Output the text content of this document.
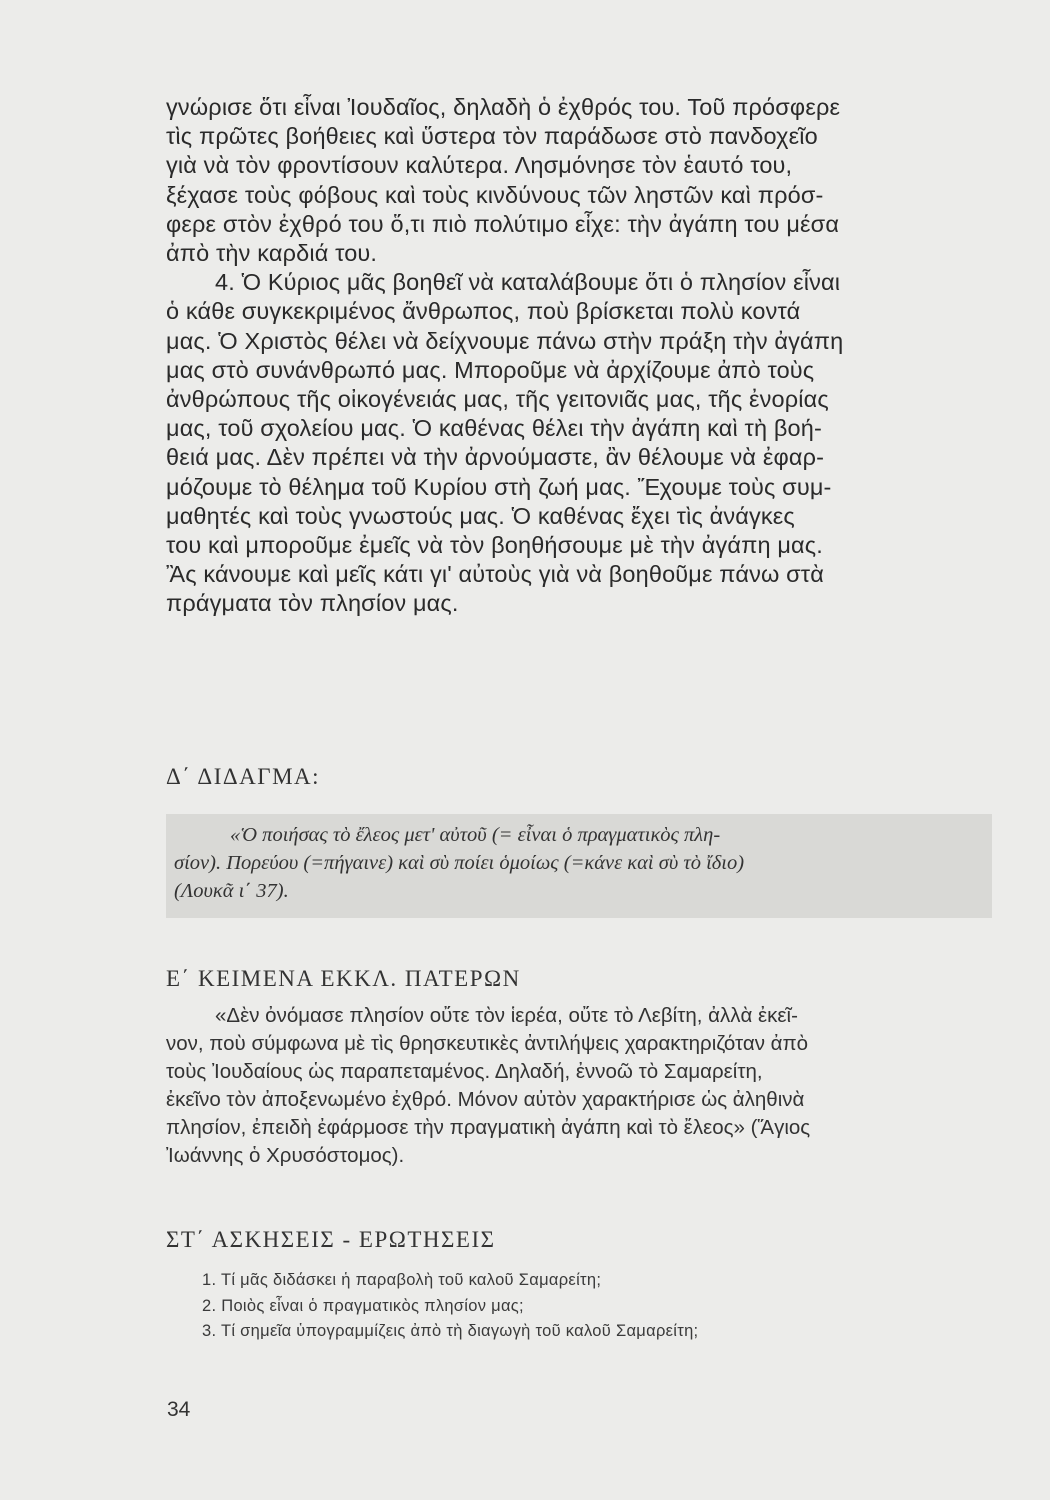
γνώρισε ὅτι εἶναι Ἰουδαῖος, δηλαδὴ ὁ ἐχθρός του. Τοῦ πρόσφερε
τὶς πρῶτες βοήθειες καὶ ὕστερα τὸν παράδωσε στὸ πανδοχεῖο
γιὰ νὰ τὸν φροντίσουν καλύτερα. Λησμόνησε τὸν ἑαυτό του,
ξέχασε τοὺς φόβους καὶ τοὺς κινδύνους τῶν ληστῶν καὶ πρόσ-
φερε στὸν ἐχθρό του ὅ,τι πιὸ πολύτιμο εἶχε: τὴν ἀγάπη του μέσα
ἀπὸ τὴν καρδιά του.
4. Ὁ Κύριος μᾶς βοηθεῖ νὰ καταλάβουμε ὅτι ὁ πλησίον εἶναι
ὁ κάθε συγκεκριμένος ἄνθρωπος, ποὺ βρίσκεται πολὺ κοντά
μας. Ὁ Χριστὸς θέλει νὰ δείχνουμε πάνω στὴν πράξη τὴν ἀγάπη
μας στὸ συνάνθρωπό μας. Μποροῦμε νὰ ἀρχίζουμε ἀπὸ τοὺς
ἀνθρώπους τῆς οἰκογένειάς μας, τῆς γειτονιᾶς μας, τῆς ἐνορίας
μας, τοῦ σχολείου μας. Ὁ καθένας θέλει τὴν ἀγάπη καὶ τὴ βοή-
θειά μας. Δὲν πρέπει νὰ τὴν ἀρνούμαστε, ἂν θέλουμε νὰ ἐφαρ-
μόζουμε τὸ θέλημα τοῦ Κυρίου στὴ ζωή μας. Ἔχουμε τοὺς συμ-
μαθητές καὶ τοὺς γνωστούς μας. Ὁ καθένας ἔχει τὶς ἀνάγκες
του καὶ μποροῦμε ἐμεῖς νὰ τὸν βοηθήσουμε μὲ τὴν ἀγάπη μας.
Ἂς κάνουμε καὶ μεῖς κάτι γι' αὐτοὺς γιὰ νὰ βοηθοῦμε πάνω στὰ
πράγματα τὸν πλησίον μας.

Δ΄ ΔΙΔΑΓΜΑ:

«Ὁ ποιήσας τὸ ἔλεος μετ' αὐτοῦ (= εἶναι ὁ πραγματικὸς πλη-
σίον). Πορεύου (=πήγαινε) καὶ σὺ ποίει ὁμοίως (=κάνε καὶ σὺ τὸ ἴδιο)
(Λουκᾶ ι΄ 37).

Ε΄ ΚΕΙΜΕΝΑ ΕΚΚΛ. ΠΑΤΕΡΩΝ

«Δὲν ὀνόμασε πλησίον οὔτε τὸν ἱερέα, οὔτε τὸ Λεβίτη, ἀλλὰ ἐκεῖ-
νον, ποὺ σύμφωνα μὲ τὶς θρησκευτικὲς ἀντιλήψεις χαρακτηριζόταν ἀπὸ
τοὺς Ἰουδαίους ὡς παραπεταμένος. Δηλαδή, ἐννοῶ τὸ Σαμαρείτη,
ἐκεῖνο τὸν ἀποξενωμένο ἐχθρό. Μόνον αὐτὸν χαρακτήρισε ὡς ἀληθινὰ
πλησίον, ἐπειδὴ ἐφάρμοσε τὴν πραγματικὴ ἀγάπη καὶ τὸ ἔλεος» (Ἅγιος
Ἰωάννης ὁ Χρυσόστομος).

ΣΤ΄ ΑΣΚΗΣΕΙΣ - ΕΡΩΤΗΣΕΙΣ
1. Τί μᾶς διδάσκει ἡ παραβολὴ τοῦ καλοῦ Σαμαρείτη;
2. Ποιὸς εἶναι ὁ πραγματικὸς πλησίον μας;
3. Τί σημεῖα ὑπογραμμίζεις ἀπὸ τὴ διαγωγὴ τοῦ καλοῦ Σαμαρείτη;
34
